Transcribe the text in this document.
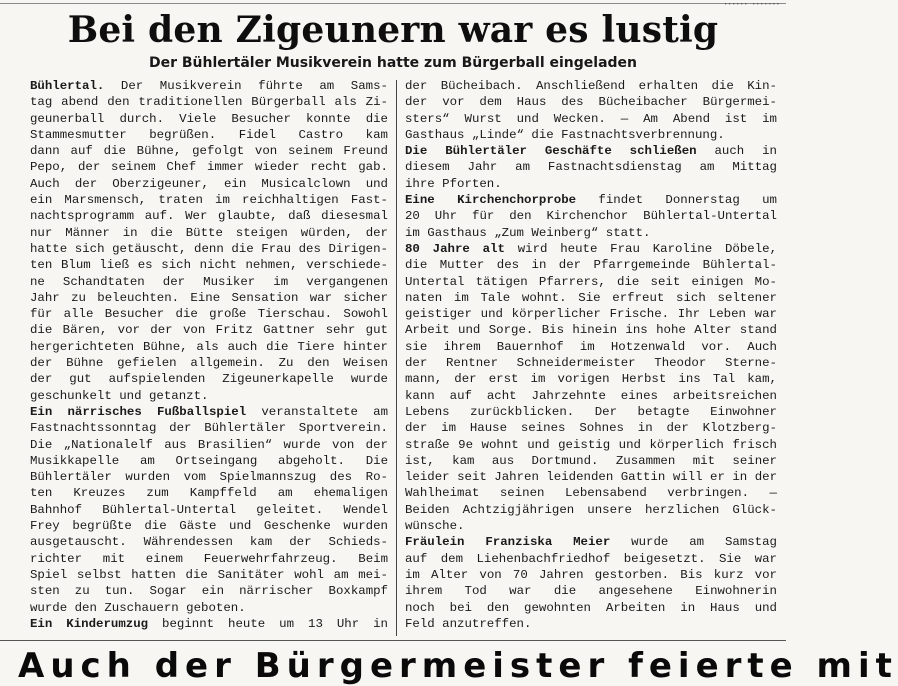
······ ·······
Bei den Zigeunern war es lustig
Der Bühlertäler Musikverein hatte zum Bürgerball eingeladen
Bühlertal. Der Musikverein führte am Sams-
tag abend den traditionellen Bürgerball als Zi-
geunerball durch. Viele Besucher konnte die
Stammesmutter begrüßen. Fidel Castro kam
dann auf die Bühne, gefolgt von seinem Freund
Pepo, der seinem Chef immer wieder recht gab.
Auch der Oberzigeuner, ein Musicalclown und
ein Marsmensch, traten im reichhaltigen Fast-
nachtsprogramm auf. Wer glaubte, daß diesesmal
nur Männer in die Bütte steigen würden, der
hatte sich getäuscht, denn die Frau des Dirigen-
ten Blum ließ es sich nicht nehmen, verschiede-
ne Schandtaten der Musiker im vergangenen
Jahr zu beleuchten. Eine Sensation war sicher
für alle Besucher die große Tierschau. Sowohl
die Bären, vor der von Fritz Gattner sehr gut
hergerichteten Bühne, als auch die Tiere hinter
der Bühne gefielen allgemein. Zu den Weisen
der gut aufspielenden Zigeunerkapelle wurde
geschunkelt und getanzt.
Ein närrisches Fußballspiel veranstaltete am
Fastnachtssonntag der Bühlertäler Sportverein.
Die „Nationalelf aus Brasilien“ wurde von der
Musikkapelle am Ortseingang abgeholt. Die
Bühlertäler wurden vom Spielmannszug des Ro-
ten Kreuzes zum Kampffeld am ehemaligen
Bahnhof Bühlertal-Untertal geleitet. Wendel
Frey begrüßte die Gäste und Geschenke wurden
ausgetauscht. Währendessen kam der Schieds-
richter mit einem Feuerwehrfahrzeug. Beim
Spiel selbst hatten die Sanitäter wohl am mei-
sten zu tun. Sogar ein närrischer Boxkampf
wurde den Zuschauern geboten.
Ein Kinderumzug beginnt heute um 13 Uhr in
der Bücheibach. Anschließend erhalten die Kin-
der vor dem Haus des Bücheibacher Bürgermei-
sters“ Wurst und Wecken. — Am Abend ist im
Gasthaus „Linde“ die Fastnachtsverbrennung.
Die Bühlertäler Geschäfte schließen auch in
diesem Jahr am Fastnachtsdienstag am Mittag
ihre Pforten.
Eine Kirchenchorprobe findet Donnerstag um
20 Uhr für den Kirchenchor Bühlertal-Untertal
im Gasthaus „Zum Weinberg“ statt.
80 Jahre alt wird heute Frau Karoline Döbele,
die Mutter des in der Pfarrgemeinde Bühlertal-
Untertal tätigen Pfarrers, die seit einigen Mo-
naten im Tale wohnt. Sie erfreut sich seltener
geistiger und körperlicher Frische. Ihr Leben war
Arbeit und Sorge. Bis hinein ins hohe Alter stand
sie ihrem Bauernhof im Hotzenwald vor. Auch
der Rentner Schneidermeister Theodor Sterne-
mann, der erst im vorigen Herbst ins Tal kam,
kann auf acht Jahrzehnte eines arbeitsreichen
Lebens zurückblicken. Der betagte Einwohner
der im Hause seines Sohnes in der Klotzberg-
straße 9e wohnt und geistig und körperlich frisch
ist, kam aus Dortmund. Zusammen mit seiner
leider seit Jahren leidenden Gattin will er in der
Wahlheimat seinen Lebensabend verbringen. —
Beiden Achtzigjährigen unsere herzlichen Glück-
wünsche.
Fräulein Franziska Meier wurde am Samstag
auf dem Liehenbachfriedhof beigesetzt. Sie war
im Alter von 70 Jahren gestorben. Bis kurz vor
ihrem Tod war die angesehene Einwohnerin
noch bei den gewohnten Arbeiten in Haus und
Feld anzutreffen.
Auch der Bürgermeister feierte mit
